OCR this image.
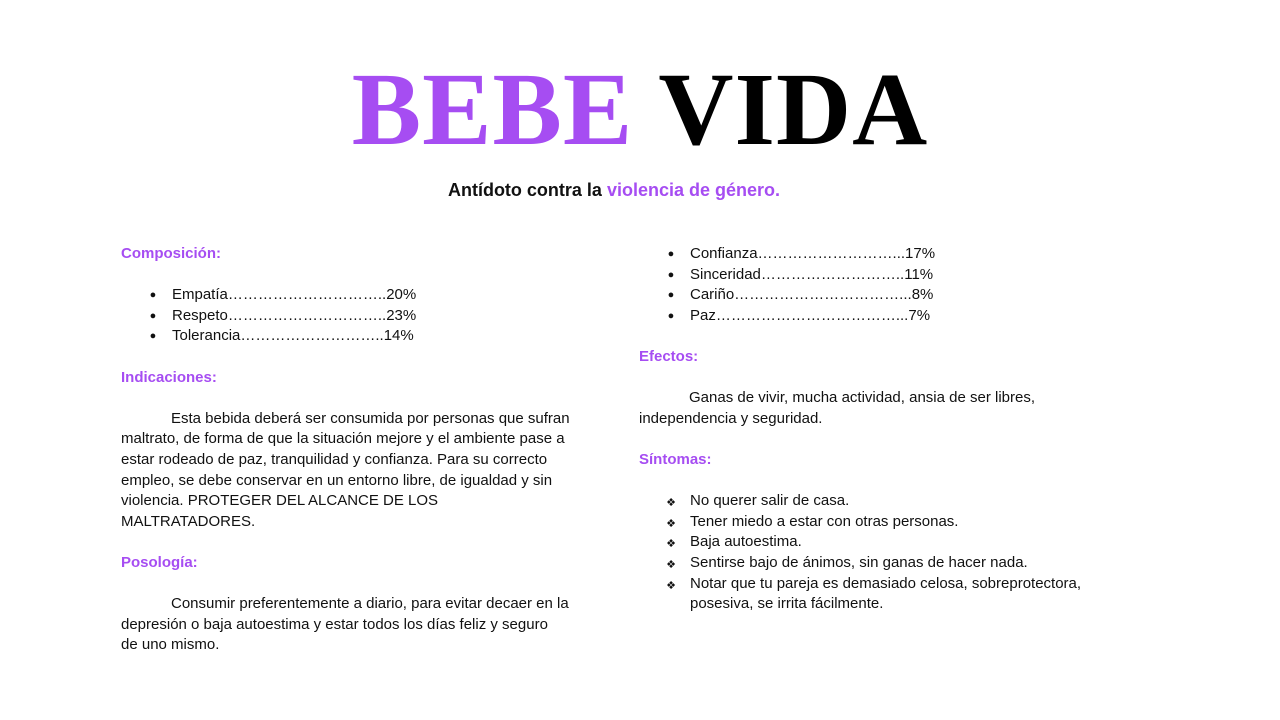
BEBE VIDA
Antídoto contra la violencia de género.
Composición:
● Empatía…………………………..20%
● Respeto…………………………..23%
● Tolerancia………………………..14%
Indicaciones:

Esta bebida deberá ser consumida por personas que sufran
maltrato, de forma de que la situación mejore y el ambiente pase a
estar rodeado de paz, tranquilidad y confianza. Para su correcto
empleo, se debe conservar en un entorno libre, de igualdad y sin
violencia. PROTEGER DEL ALCANCE DE LOS
MALTRATADORES.

Posología:

Consumir preferentemente a diario, para evitar decaer en la
depresión o baja autoestima y estar todos los días feliz y seguro
de uno mismo.

● Confianza………………………...17%
● Sinceridad………………………..11%
● Cariño……………………………...8%
● Paz………………………………...7%
Efectos:

Ganas de vivir, mucha actividad, ansia de ser libres,
independencia y seguridad.

Síntomas:
❖ No querer salir de casa.
❖ Tener miedo a estar con otras personas.
❖ Baja autoestima.
❖ Sentirse bajo de ánimos, sin ganas de hacer nada.
❖ Notar que tu pareja es demasiado celosa, sobreprotectora,
posesiva, se irrita fácilmente.
